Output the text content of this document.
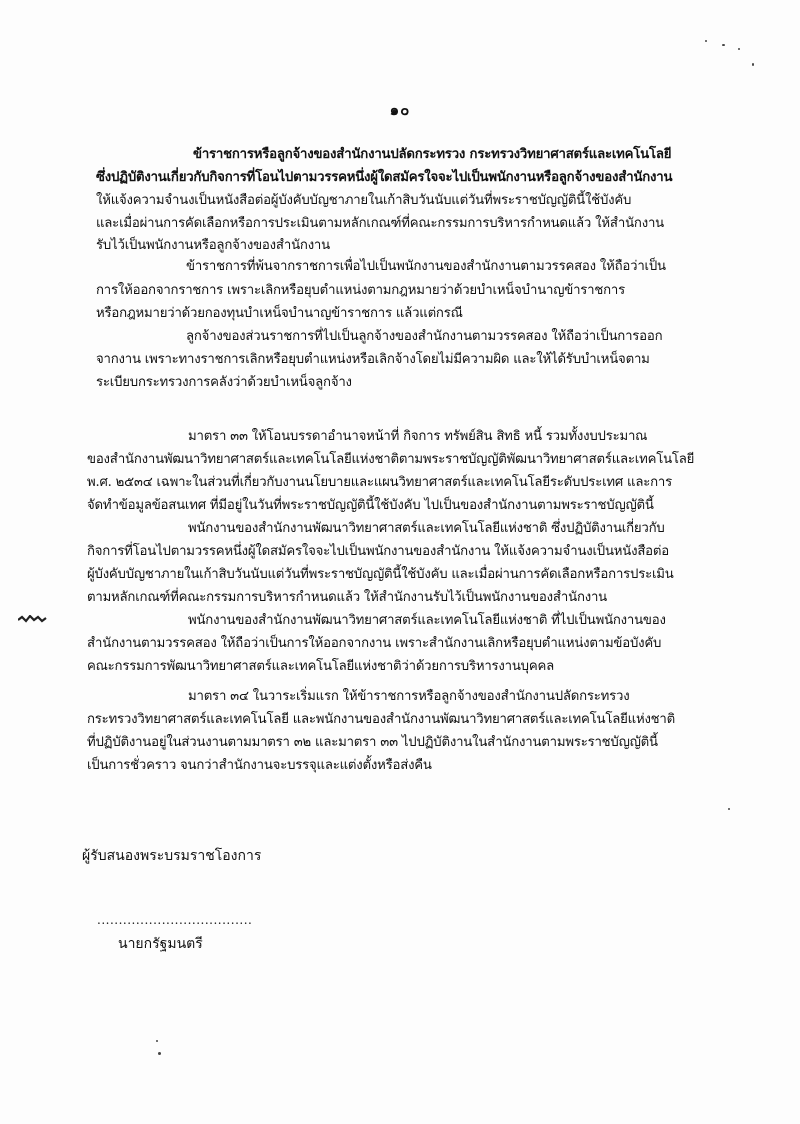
๑๐
ข้าราชการหรือลูกจ้างของสำนักงานปลัดกระทรวง กระทรวงวิทยาศาสตร์และเทคโนโลยี
ซึ่งปฏิบัติงานเกี่ยวกับกิจการที่โอนไปตามวรรคหนึ่งผู้ใดสมัครใจจะไปเป็นพนักงานหรือลูกจ้างของสำนักงาน
ให้แจ้งความจำนงเป็นหนังสือต่อผู้บังคับบัญชาภายในเก้าสิบวันนับแต่วันที่พระราชบัญญัตินี้ใช้บังคับ
และเมื่อผ่านการคัดเลือกหรือการประเมินตามหลักเกณฑ์ที่คณะกรรมการบริหารกำหนดแล้ว ให้สำนักงาน
รับไว้เป็นพนักงานหรือลูกจ้างของสำนักงาน
ข้าราชการที่พ้นจากราชการเพื่อไปเป็นพนักงานของสำนักงานตามวรรคสอง ให้ถือว่าเป็น
การให้ออกจากราชการ เพราะเลิกหรือยุบตำแหน่งตามกฎหมายว่าด้วยบำเหน็จบำนาญข้าราชการ
หรือกฎหมายว่าด้วยกองทุนบำเหน็จบำนาญข้าราชการ แล้วแต่กรณี
ลูกจ้างของส่วนราชการที่ไปเป็นลูกจ้างของสำนักงานตามวรรคสอง ให้ถือว่าเป็นการออก
จากงาน เพราะทางราชการเลิกหรือยุบตำแหน่งหรือเลิกจ้างโดยไม่มีความผิด และให้ได้รับบำเหน็จตาม
ระเบียบกระทรวงการคลังว่าด้วยบำเหน็จลูกจ้าง
มาตรา ๓๓ ให้โอนบรรดาอำนาจหน้าที่ กิจการ ทรัพย์สิน สิทธิ หนี้ รวมทั้งงบประมาณ
ของสำนักงานพัฒนาวิทยาศาสตร์และเทคโนโลยีแห่งชาติตามพระราชบัญญัติพัฒนาวิทยาศาสตร์และเทคโนโลยี
พ.ศ. ๒๕๓๔ เฉพาะในส่วนที่เกี่ยวกับงานนโยบายและแผนวิทยาศาสตร์และเทคโนโลยีระดับประเทศ และการ
จัดทำข้อมูลข้อสนเทศ ที่มีอยู่ในวันที่พระราชบัญญัตินี้ใช้บังคับ ไปเป็นของสำนักงานตามพระราชบัญญัตินี้
พนักงานของสำนักงานพัฒนาวิทยาศาสตร์และเทคโนโลยีแห่งชาติ ซึ่งปฏิบัติงานเกี่ยวกับ
กิจการที่โอนไปตามวรรคหนึ่งผู้ใดสมัครใจจะไปเป็นพนักงานของสำนักงาน ให้แจ้งความจำนงเป็นหนังสือต่อ
ผู้บังคับบัญชาภายในเก้าสิบวันนับแต่วันที่พระราชบัญญัตินี้ใช้บังคับ และเมื่อผ่านการคัดเลือกหรือการประเมิน
ตามหลักเกณฑ์ที่คณะกรรมการบริหารกำหนดแล้ว ให้สำนักงานรับไว้เป็นพนักงานของสำนักงาน
พนักงานของสำนักงานพัฒนาวิทยาศาสตร์และเทคโนโลยีแห่งชาติ ที่ไปเป็นพนักงานของ
สำนักงานตามวรรคสอง ให้ถือว่าเป็นการให้ออกจากงาน เพราะสำนักงานเลิกหรือยุบตำแหน่งตามข้อบังคับ
คณะกรรมการพัฒนาวิทยาศาสตร์และเทคโนโลยีแห่งชาติว่าด้วยการบริหารงานบุคคล
มาตรา ๓๔ ในวาระเริ่มแรก ให้ข้าราชการหรือลูกจ้างของสำนักงานปลัดกระทรวง
กระทรวงวิทยาศาสตร์และเทคโนโลยี และพนักงานของสำนักงานพัฒนาวิทยาศาสตร์และเทคโนโลยีแห่งชาติ
ที่ปฏิบัติงานอยู่ในส่วนงานตามมาตรา ๓๒ และมาตรา ๓๓ ไปปฏิบัติงานในสำนักงานตามพระราชบัญญัตินี้
เป็นการชั่วคราว จนกว่าสำนักงานจะบรรจุและแต่งตั้งหรือส่งคืน
ผู้รับสนองพระบรมราชโองการ
....................................
นายกรัฐมนตรี
